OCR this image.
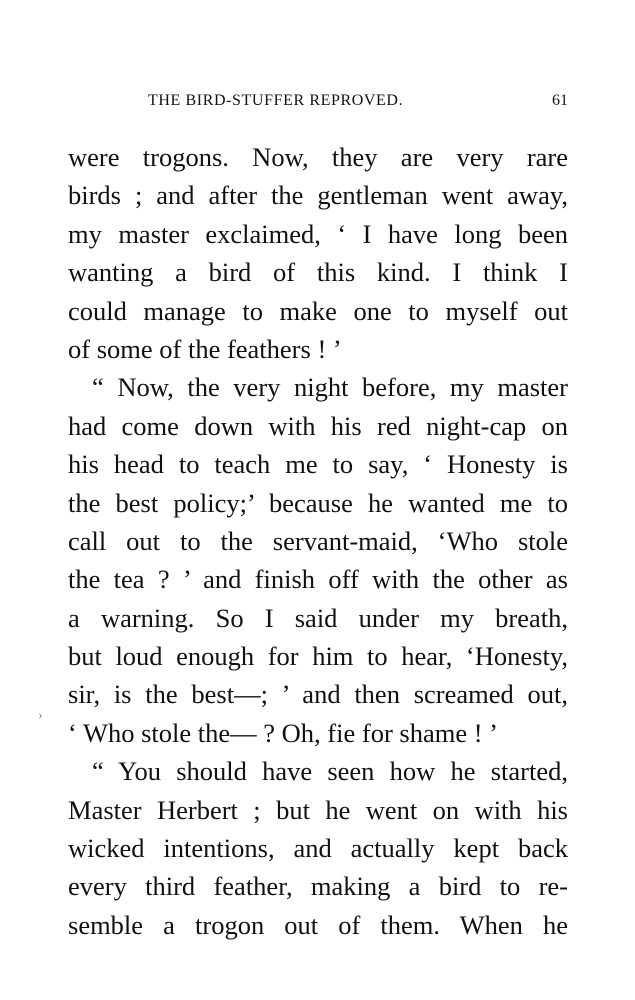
THE BIRD-STUFFER REPROVED.	61
›
were trogons. Now, they are very rare
birds ; and after the gentleman went away,
my master exclaimed, ‘ I have long been
wanting a bird of this kind. I think I
could manage to make one to myself out
of some of the feathers ! ’
“ Now, the very night before, my master
had come down with his red night-cap on
his head to teach me to say, ‘ Honesty is
the best policy;’ because he wanted me to
call out to the servant-maid, ‘Who stole
the tea ? ’ and finish off with the other as
a warning. So I said under my breath,
but loud enough for him to hear, ‘Honesty,
sir, is the best—; ’ and then screamed out,
‘ Who stole the— ? Oh, fie for shame ! ’
“ You should have seen how he started,
Master Herbert ; but he went on with his
wicked intentions, and actually kept back
every third feather, making a bird to re-
semble a trogon out of them. When he
